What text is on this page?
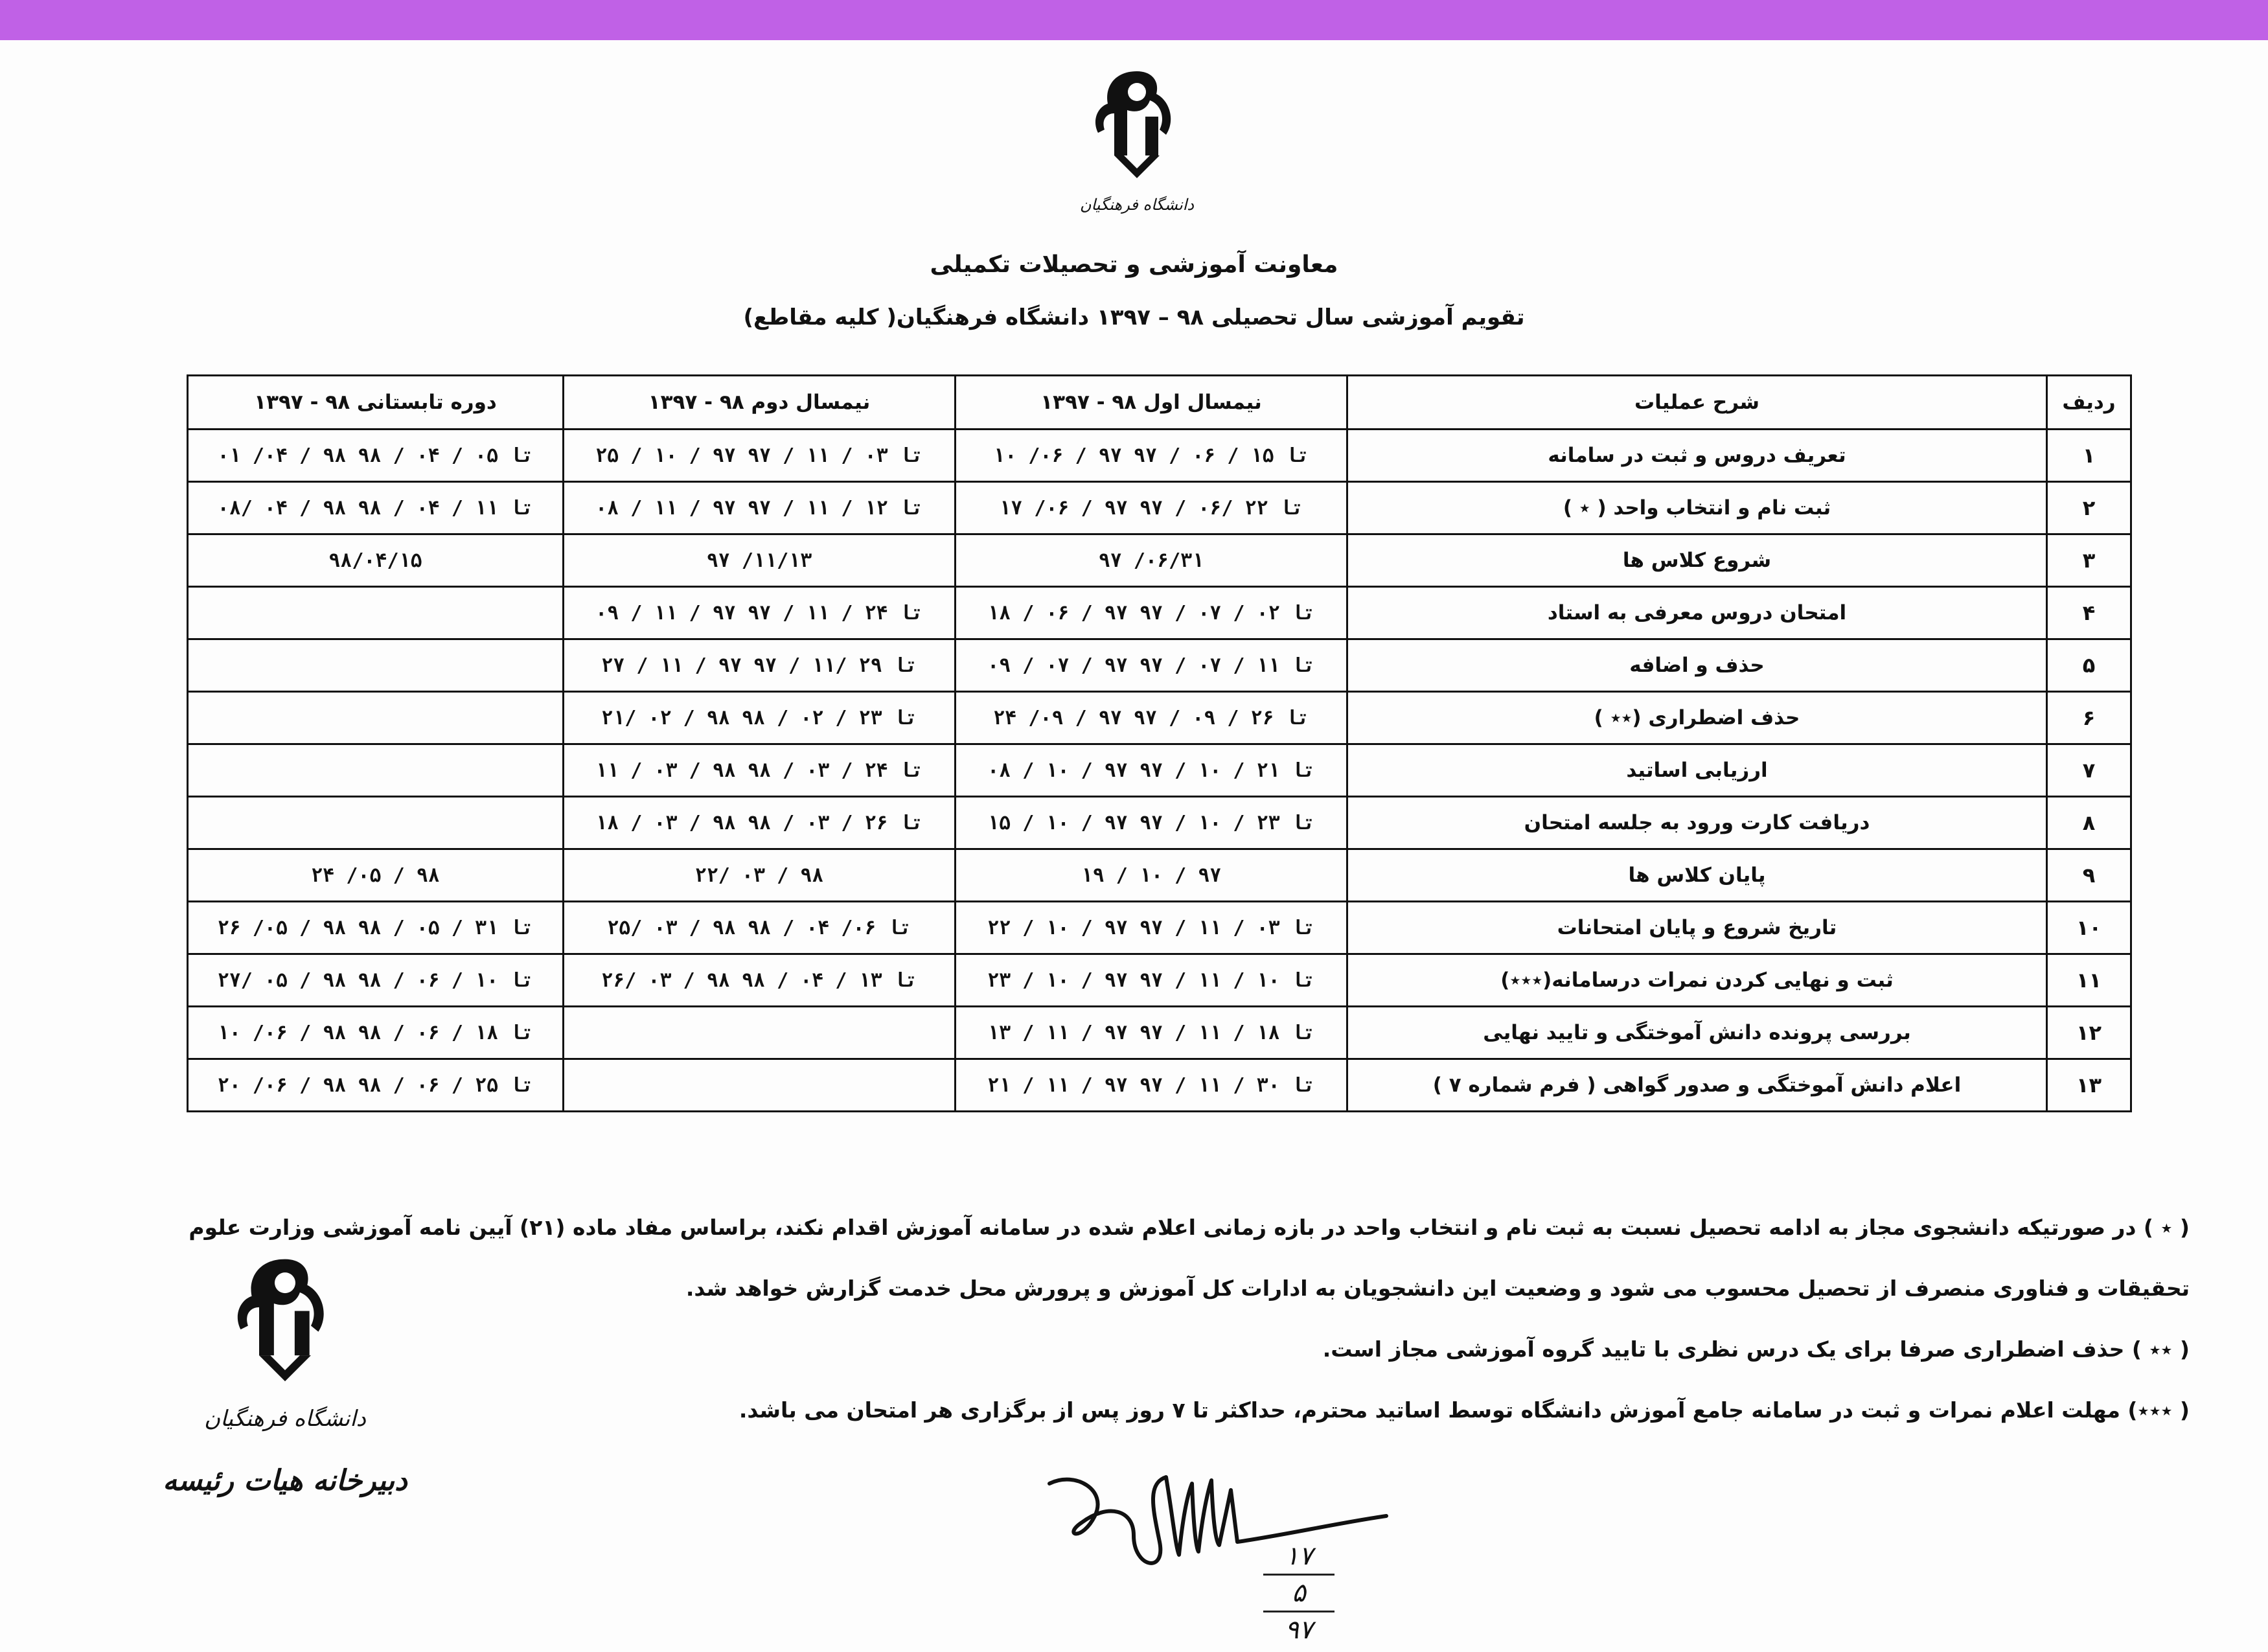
دانشگاه فرهنگیان
معاونت آموزشی و تحصیلات تکمیلی
تقویم آموزشی سال تحصیلی ۹۸ – ۱۳۹۷ دانشگاه فرهنگیان( کلیه مقاطع)
ردیف	شرح عملیات	نیمسال اول ۹۸ - ۱۳۹۷	نیمسال دوم ۹۸ - ۱۳۹۷	دوره تابستانی ۹۸ - ۱۳۹۷
۱	تعریف دروس و ثبت در سامانه	۱۰ /۰۶ / ۹۷ تا ۱۵ / ۰۶ / ۹۷	۲۵ / ۱۰ / ۹۷ تا ۰۳ / ۱۱ / ۹۷	۰۱ /۰۴ / ۹۸ تا ۰۵ / ۰۴ / ۹۸
۲	ثبت نام و انتخاب واحد ( ٭ )	۱۷ /۰۶ / ۹۷ تا ۲۲ /۰۶ / ۹۷	۰۸ / ۱۱ / ۹۷ تا ۱۲ / ۱۱ / ۹۷	۰۸/ ۰۴ / ۹۸ تا ۱۱ / ۰۴ / ۹۸
۳	شروع کلاس ها	۹۷ /۰۶/۳۱	۹۷ /۱۱/۱۳	۹۸/۰۴/۱۵
۴	امتحان دروس معرفی به استاد	۱۸ / ۰۶ / ۹۷ تا ۰۲ / ۰۷ / ۹۷	۰۹ / ۱۱ / ۹۷ تا ۲۴ / ۱۱ / ۹۷	
۵	حذف و اضافه	۰۹ / ۰۷ / ۹۷ تا ۱۱ / ۰۷ / ۹۷	۲۷ / ۱۱ / ۹۷ تا ۲۹ /۱۱ / ۹۷	
۶	حذف اضطراری (٭٭ )	۲۴ /۰۹ / ۹۷ تا ۲۶ / ۰۹ / ۹۷	۲۱/ ۰۲ / ۹۸ تا ۲۳ / ۰۲ / ۹۸	
۷	ارزیابی اساتید	۰۸ / ۱۰ / ۹۷ تا ۲۱ / ۱۰ / ۹۷	۱۱ / ۰۳ / ۹۸ تا ۲۴ / ۰۳ / ۹۸	
۸	دریافت کارت ورود به جلسه امتحان	۱۵ / ۱۰ / ۹۷ تا ۲۳ / ۱۰ / ۹۷	۱۸ / ۰۳ / ۹۸ تا ۲۶ / ۰۳ / ۹۸	
۹	پایان کلاس ها	۱۹ / ۱۰ / ۹۷	۲۲/ ۰۳ / ۹۸	۲۴ /۰۵ / ۹۸
۱۰	تاریخ شروع و پایان امتحانات	۲۲ / ۱۰ / ۹۷ تا ۰۳ / ۱۱ / ۹۷	۲۵/ ۰۳ / ۹۸ تا ۰۶/ ۰۴ / ۹۸	۲۶ /۰۵ / ۹۸ تا ۳۱ / ۰۵ / ۹۸
۱۱	ثبت و نهایی کردن نمرات درسامانه(٭٭٭)	۲۳ / ۱۰ / ۹۷ تا ۱۰ / ۱۱ / ۹۷	۲۶/ ۰۳ / ۹۸ تا ۱۳ / ۰۴ / ۹۸	۲۷/ ۰۵ / ۹۸ تا ۱۰ / ۰۶ / ۹۸
۱۲	بررسی پرونده دانش آموختگی و تایید نهایی	۱۳ / ۱۱ / ۹۷ تا ۱۸ / ۱۱ / ۹۷		۱۰ /۰۶ / ۹۸ تا ۱۸ / ۰۶ / ۹۸
۱۳	اعلام دانش آموختگی و صدور گواهی ( فرم شماره ۷ )	۲۱ / ۱۱ / ۹۷ تا ۳۰ / ۱۱ / ۹۷		۲۰ /۰۶ / ۹۸ تا ۲۵ / ۰۶ / ۹۸

( ٭ ) در صورتیکه دانشجوی مجاز به ادامه تحصیل نسبت به ثبت نام و انتخاب واحد در بازه زمانی اعلام شده در سامانه آموزش اقدام نکند، براساس مفاد ماده (۲۱) آیین نامه آموزشی وزارت علوم

تحقیقات و فناوری منصرف از تحصیل محسوب می شود و وضعیت این دانشجویان به ادارات کل آموزش و پرورش محل خدمت گزارش خواهد شد.

( ٭٭ ) حذف اضطراری صرفا برای یک درس نظری با تایید گروه آموزشی مجاز است.

( ٭٭٭) مهلت اعلام نمرات و ثبت در سامانه جامع آموزش دانشگاه توسط اساتید محترم، حداکثر تا ۷ روز پس از برگزاری هر امتحان می باشد.

دانشگاه فرهنگیان
دبیرخانه هیات رئیسه
۱۷
۵
۹۷
